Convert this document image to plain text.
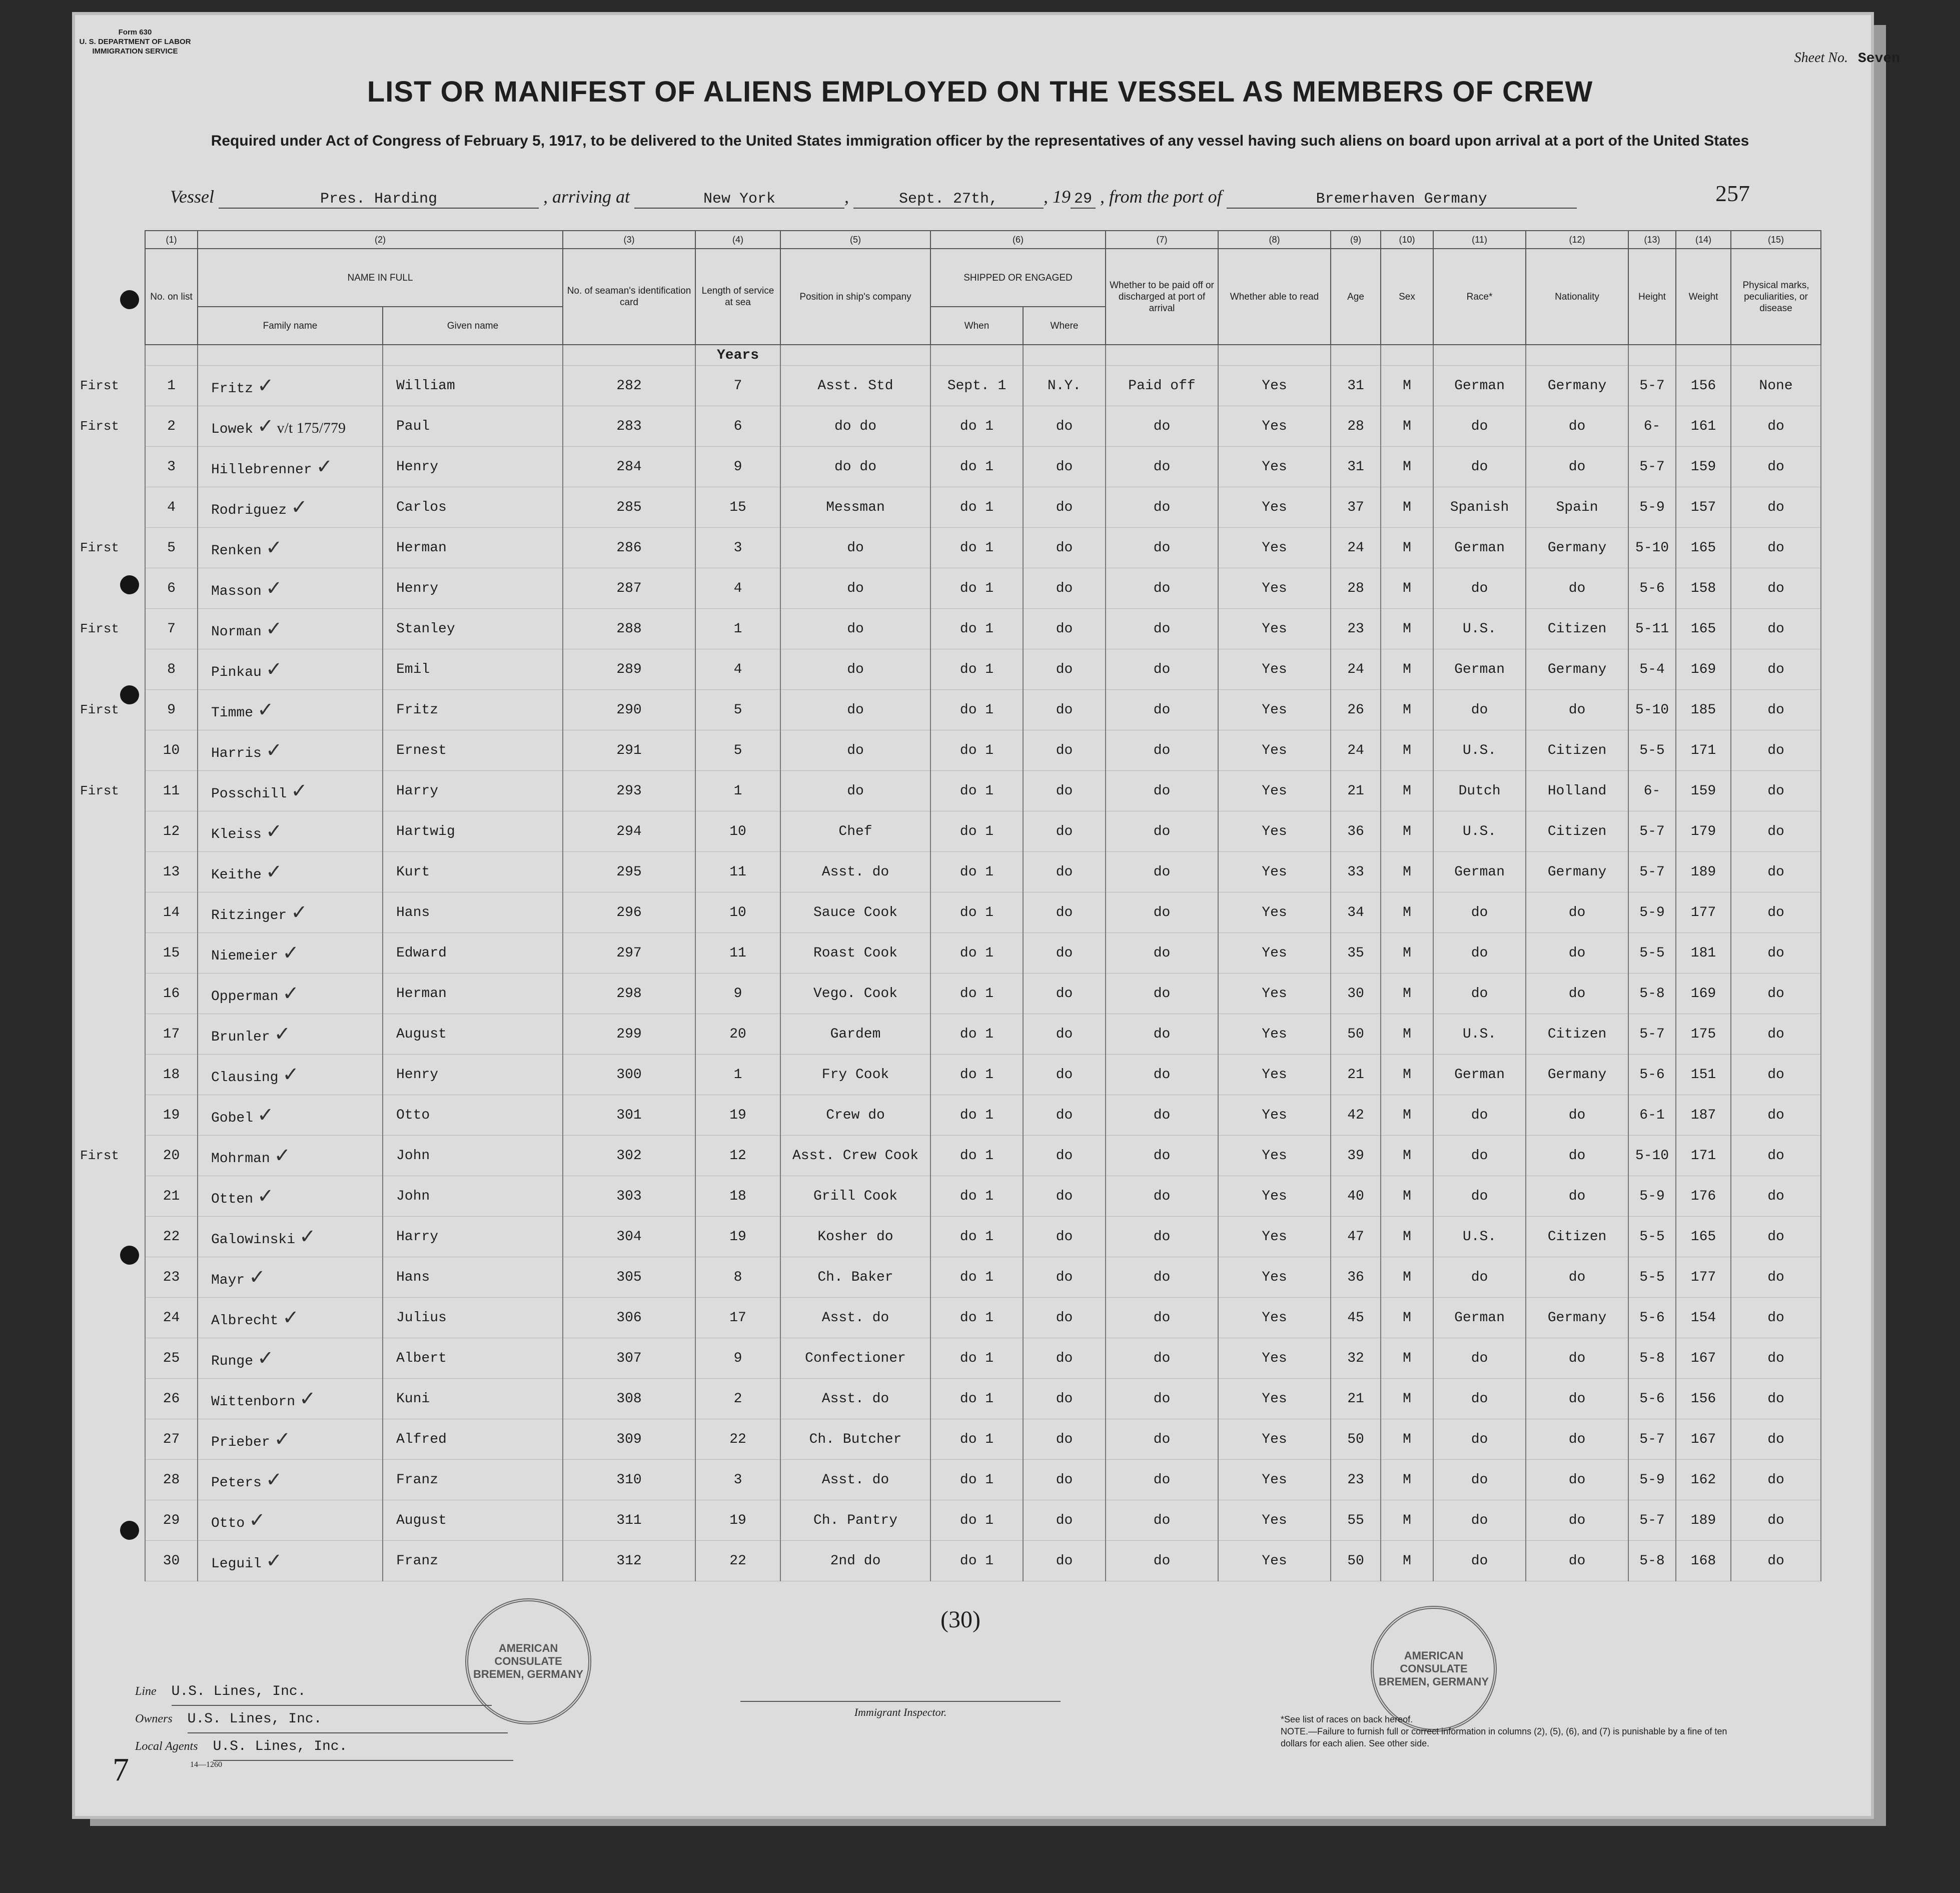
Form 630
U. S. DEPARTMENT OF LABOR
IMMIGRATION SERVICE	Sheet No. Seven
LIST OR MANIFEST OF ALIENS EMPLOYED ON THE VESSEL AS MEMBERS OF CREW
Required under Act of Congress of February 5, 1917, to be delivered to the United States immigration officer by the representatives of any vessel having such aliens on board upon arrival at a port of the United States
Vessel	Pres. Harding	, arriving at	New York	,	Sept. 27th,	, 19 29 , from the port of	Bremerhaven Germany	257
	(1)	(2)		(3)	(4)	(5)	(6)		(7)	(8)	(9)	(10)	(11)	(12)	(13)	(14)	(15)
	No. on list	NAME IN FULL		No. of seaman's identification card	Length of service at sea	Position in ship's company	SHIPPED OR ENGAGED		Whether to be paid off or discharged at port of arrival	Whether able to read	Age	Sex	Race*	Nationality	Height	Weight	Physical marks, peculiarities, or disease
		Family name	Given name				When	Where									
					Years												
First	1	Fritz ✓	William	282	7	Asst. Std	Sept. 1	N.Y.	Paid off	Yes	31	M	German	Germany	5-7	156	None
First	2	Lowek ✓ v/t 175/779	Paul	283	6	do do	do 1	do	do	Yes	28	M	do	do	6-	161	do
	3	Hillebrenner ✓	Henry	284	9	do do	do 1	do	do	Yes	31	M	do	do	5-7	159	do
	4	Rodriguez ✓	Carlos	285	15	Messman	do 1	do	do	Yes	37	M	Spanish	Spain	5-9	157	do
First	5	Renken ✓	Herman	286	3	do	do 1	do	do	Yes	24	M	German	Germany	5-10	165	do
	6	Masson ✓	Henry	287	4	do	do 1	do	do	Yes	28	M	do	do	5-6	158	do
First	7	Norman ✓	Stanley	288	1	do	do 1	do	do	Yes	23	M	U.S.	Citizen	5-11	165	do
	8	Pinkau ✓	Emil	289	4	do	do 1	do	do	Yes	24	M	German	Germany	5-4	169	do
First	9	Timme ✓	Fritz	290	5	do	do 1	do	do	Yes	26	M	do	do	5-10	185	do
	10	Harris ✓	Ernest	291	5	do	do 1	do	do	Yes	24	M	U.S.	Citizen	5-5	171	do
First	11	Posschill ✓	Harry	293	1	do	do 1	do	do	Yes	21	M	Dutch	Holland	6-	159	do
	12	Kleiss ✓	Hartwig	294	10	Chef	do 1	do	do	Yes	36	M	U.S.	Citizen	5-7	179	do
	13	Keithe ✓	Kurt	295	11	Asst. do	do 1	do	do	Yes	33	M	German	Germany	5-7	189	do
	14	Ritzinger ✓	Hans	296	10	Sauce Cook	do 1	do	do	Yes	34	M	do	do	5-9	177	do
	15	Niemeier ✓	Edward	297	11	Roast Cook	do 1	do	do	Yes	35	M	do	do	5-5	181	do
	16	Opperman ✓	Herman	298	9	Vego. Cook	do 1	do	do	Yes	30	M	do	do	5-8	169	do
	17	Brunler ✓	August	299	20	Gardem	do 1	do	do	Yes	50	M	U.S.	Citizen	5-7	175	do
	18	Clausing ✓	Henry	300	1	Fry Cook	do 1	do	do	Yes	21	M	German	Germany	5-6	151	do
	19	Gobel ✓	Otto	301	19	Crew do	do 1	do	do	Yes	42	M	do	do	6-1	187	do
First	20	Mohrman ✓	John	302	12	Asst. Crew Cook	do 1	do	do	Yes	39	M	do	do	5-10	171	do
	21	Otten ✓	John	303	18	Grill Cook	do 1	do	do	Yes	40	M	do	do	5-9	176	do
	22	Galowinski ✓	Harry	304	19	Kosher do	do 1	do	do	Yes	47	M	U.S.	Citizen	5-5	165	do
	23	Mayr ✓	Hans	305	8	Ch. Baker	do 1	do	do	Yes	36	M	do	do	5-5	177	do
	24	Albrecht ✓	Julius	306	17	Asst. do	do 1	do	do	Yes	45	M	German	Germany	5-6	154	do
	25	Runge ✓	Albert	307	9	Confectioner	do 1	do	do	Yes	32	M	do	do	5-8	167	do
	26	Wittenborn ✓	Kuni	308	2	Asst. do	do 1	do	do	Yes	21	M	do	do	5-6	156	do
	27	Prieber ✓	Alfred	309	22	Ch. Butcher	do 1	do	do	Yes	50	M	do	do	5-7	167	do
	28	Peters ✓	Franz	310	3	Asst. do	do 1	do	do	Yes	23	M	do	do	5-9	162	do
	29	Otto ✓	August	311	19	Ch. Pantry	do 1	do	do	Yes	55	M	do	do	5-7	189	do
	30	Leguil ✓	Franz	312	22	2nd do	do 1	do	do	Yes	50	M	do	do	5-8	168	do
(30)
AMERICAN CONSULATE BREMEN, GERMANY
AMERICAN CONSULATE BREMEN, GERMANY
Line U.S. Lines, Inc.
Owners U.S. Lines, Inc.
Local Agents U.S. Lines, Inc.
14—1260
Immigrant Inspector.
*See list of races on back hereof.
NOTE.—Failure to furnish full or correct information in columns (2), (5), (6), and (7) is punishable by a fine of ten dollars for each alien. See other side.
7
